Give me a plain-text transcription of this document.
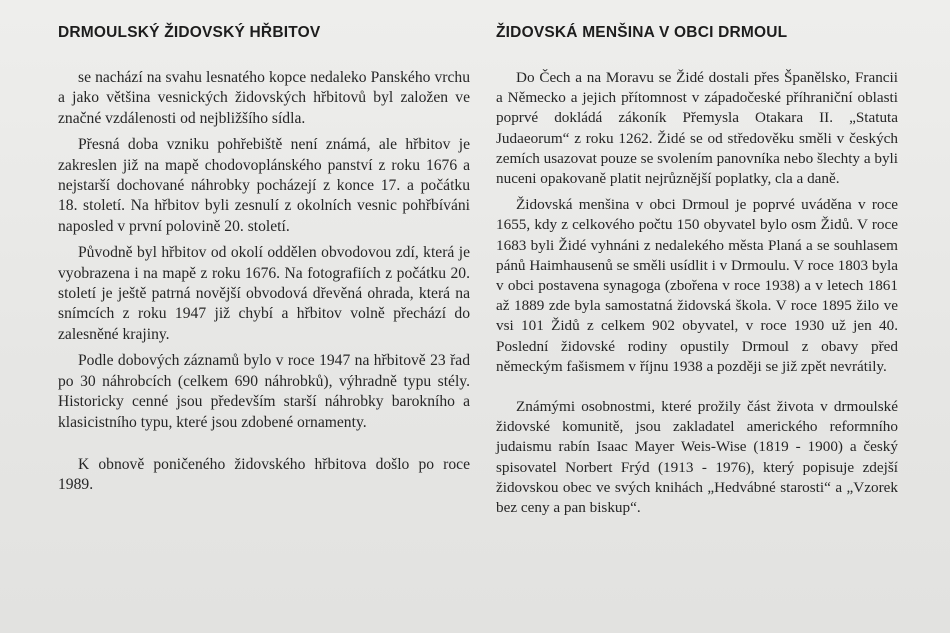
DRMOULSKÝ ŽIDOVSKÝ HŘBITOV

se nachází na svahu lesnatého kopce nedaleko Panského vrchu a jako většina vesnických židovských hřbitovů byl založen ve značné vzdálenosti od nejbližšího sídla.

Přesná doba vzniku pohřebiště není známá, ale hřbitov je zakreslen již na mapě chodovoplánského panství z roku 1676 a nejstarší dochované náhrobky pocházejí z konce 17. a počátku 18. století. Na hřbitov byli zesnulí z okolních vesnic pohřbíváni naposled v první polovině 20. století.

Původně byl hřbitov od okolí oddělen obvodovou zdí, která je vyobrazena i na mapě z roku 1676. Na fotografiích z počátku 20. století je ještě patrná novější obvodová dřevěná ohrada, která na snímcích z roku 1947 již chybí a hřbitov volně přechází do zalesněné krajiny.

Podle dobových záznamů bylo v roce 1947 na hřbitově 23 řad po 30 náhrobcích (celkem 690 náhrobků), výhradně typu stély. Historicky cenné jsou především starší náhrobky barokního a klasicistního typu, které jsou zdobené ornamenty.

K obnově poničeného židovského hřbitova došlo po roce 1989.

ŽIDOVSKÁ MENŠINA V OBCI DRMOUL

Do Čech a na Moravu se Židé dostali přes Španělsko, Francii a Německo a jejich přítomnost v západočeské příhraniční oblasti poprvé dokládá zákoník Přemysla Otakara II. „Statuta Judaeorum“ z roku 1262. Židé se od středověku směli v českých zemích usazovat pouze se svolením panovníka nebo šlechty a byli nuceni opakovaně platit nejrůznější poplatky, cla a daně.

Židovská menšina v obci Drmoul je poprvé uváděna v roce 1655, kdy z celkového počtu 150 obyvatel bylo osm Židů. V roce 1683 byli Židé vyhnáni z nedalekého města Planá a se souhlasem pánů Haimhausenů se směli usídlit i v Drmoulu. V roce 1803 byla v obci postavena synagoga (zbořena v roce 1938) a v letech 1861 až 1889 zde byla samostatná židovská škola. V roce 1895 žilo ve vsi 101 Židů z celkem 902 obyvatel, v roce 1930 už jen 40. Poslední židovské rodiny opustily Drmoul z obavy před německým fašismem v říjnu 1938 a později se již zpět nevrátily.

Známými osobnostmi, které prožily část života v drmoulské židovské komunitě, jsou zakladatel amerického reformního judaismu rabín Isaac Mayer Weis-Wise (1819 - 1900) a český spisovatel Norbert Frýd (1913 - 1976), který popisuje zdejší židovskou obec ve svých knihách „Hedvábné starosti“ a „Vzorek bez ceny a pan biskup“.
